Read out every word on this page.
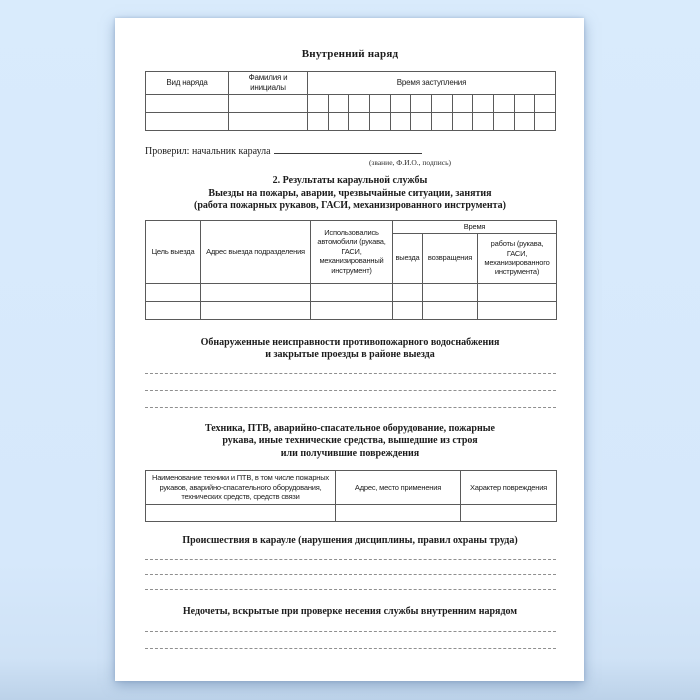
Внутренний наряд
Вид наряда	Фамилия и инициалы	Время заступления											

Проверил: начальник караула
(звание, Ф.И.О., подпись)
2. Результаты караульной службы
Выезды на пожары, аварии, чрезвычайные ситуации, занятия
(работа пожарных рукавов, ГАСИ, механизированного инструмента)
Цель выезда	Адрес выезда подразделения	Использовались автомобили (рукава, ГАСИ, механизированный инструмент)	Время		
			выезда	возвращения	работы (рукава, ГАСИ, механизированного инструмента)

Обнаруженные неисправности противопожарного водоснабжения
и закрытые проезды в районе выезда
Техника, ПТВ, аварийно-спасательное оборудование, пожарные
рукава, иные технические средства, вышедшие из строя
или получившие повреждения
Наименование техники и ПТВ, в том числе пожарных рукавов, аварийно-спасательного оборудования, технических средств, средств связи	Адрес, место применения	Характер повреждения

Происшествия в карауле (нарушения дисциплины, правил охраны труда)
Недочеты, вскрытые при проверке несения службы внутренним нарядом
